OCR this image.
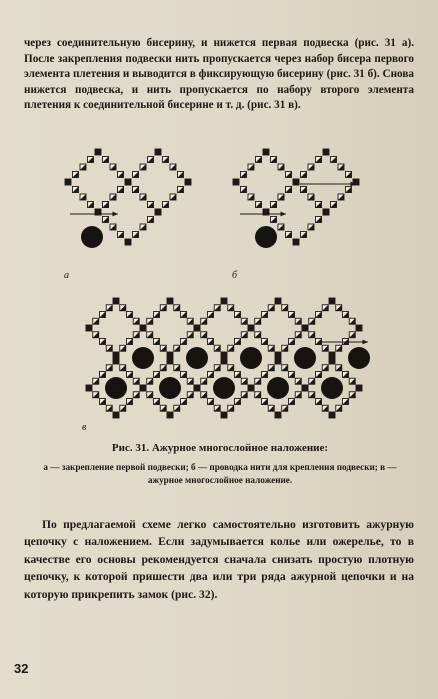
через соединительную бисерину, и нижется первая подвеска (рис. 31 а). После закрепления подвески нить пропускается через набор бисера первого элемента плетения и выводится в фиксирующую бисерину (рис. 31 б). Снова нижется подвеска, и нить пропускается по набору второго элемента плетения к соединительной бисерине и т. д. (рис. 31 в).

а	б
в

Рис. 31. Ажурное многослойное наложение:

а — закрепление первой подвески; б — проводка нити для крепления подвески; в — ажурное многослойное наложение.

По предлагаемой схеме легко самостоятельно изготовить ажурную цепочку с наложением. Если задумывается колье или ожерелье, то в качестве его основы рекомендуется сначала снизать простую плотную цепочку, к которой пришести два или три ряда ажурной цепочки и на которую прикрепить замок (рис. 32).

32
